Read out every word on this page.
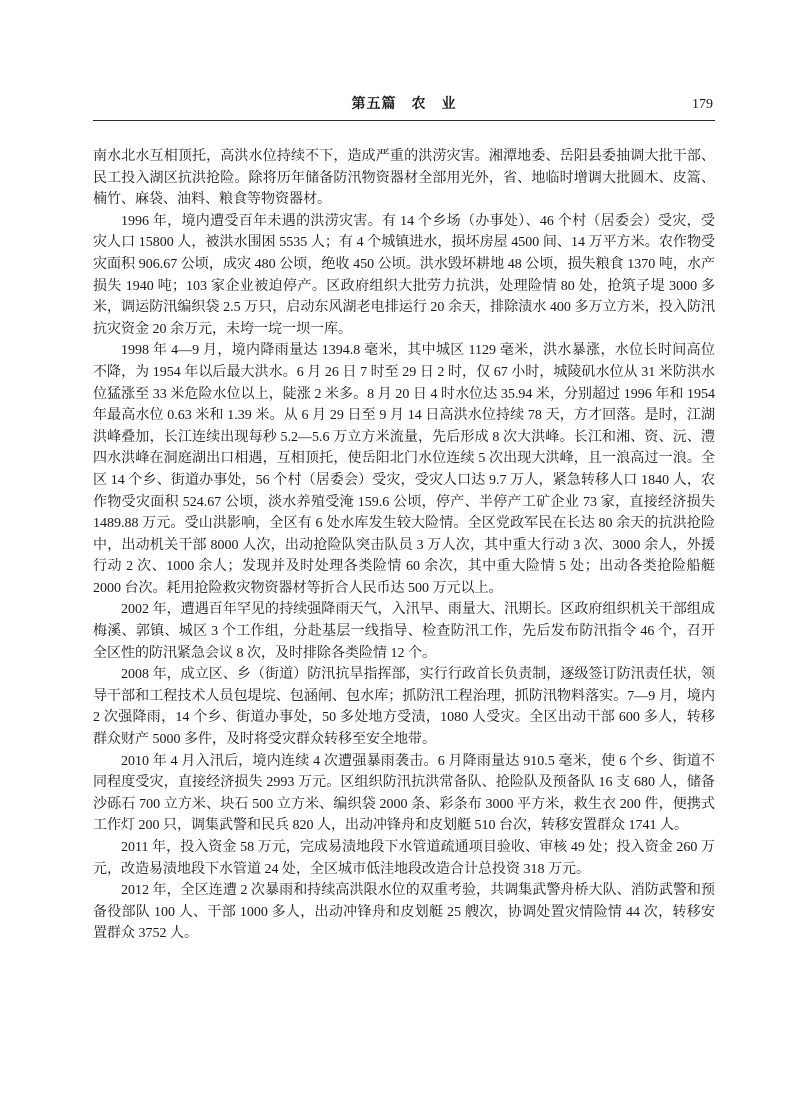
第五篇　农　业	179

南水北水互相顶托，高洪水位持续不下，造成严重的洪涝灾害。湘潭地委、岳阳县委抽调大批干部、民工投入湖区抗洪抢险。除将历年储备防汛物资器材全部用光外，省、地临时增调大批圆木、皮篙、楠竹、麻袋、油料、粮食等物资器材。

1996 年，境内遭受百年未遇的洪涝灾害。有 14 个乡场（办事处）、46 个村（居委会）受灾，受灾人口 15800 人，被洪水围困 5535 人；有 4 个城镇进水，损坏房屋 4500 间、14 万平方米。农作物受灾面积 906.67 公顷，成灾 480 公顷，绝收 450 公顷。洪水毁坏耕地 48 公顷，损失粮食 1370 吨，水产损失 1940 吨；103 家企业被迫停产。区政府组织大批劳力抗洪，处理险情 80 处，抢筑子堤 3000 多米，调运防汛编织袋 2.5 万只，启动东风湖老电排运行 20 余天，排除渍水 400 多万立方米，投入防汛抗灾资金 20 余万元，未垮一垸一坝一库。

1998 年 4—9 月，境内降雨量达 1394.8 毫米，其中城区 1129 毫米，洪水暴涨，水位长时间高位不降，为 1954 年以后最大洪水。6 月 26 日 7 时至 29 日 2 时，仅 67 小时，城陵矶水位从 31 米防洪水位猛涨至 33 米危险水位以上，陡涨 2 米多。8 月 20 日 4 时水位达 35.94 米，分别超过 1996 年和 1954 年最高水位 0.63 米和 1.39 米。从 6 月 29 日至 9 月 14 日高洪水位持续 78 天，方才回落。是时，江湖洪峰叠加，长江连续出现每秒 5.2—5.6 万立方米流量，先后形成 8 次大洪峰。长江和湘、资、沅、澧四水洪峰在洞庭湖出口相遇，互相顶托，使岳阳北门水位连续 5 次出现大洪峰，且一浪高过一浪。全区 14 个乡、街道办事处，56 个村（居委会）受灾，受灾人口达 9.7 万人，紧急转移人口 1840 人，农作物受灾面积 524.67 公顷，淡水养殖受淹 159.6 公顷，停产、半停产工矿企业 73 家，直接经济损失 1489.88 万元。受山洪影响，全区有 6 处水库发生较大险情。全区党政军民在长达 80 余天的抗洪抢险中，出动机关干部 8000 人次，出动抢险队突击队员 3 万人次，其中重大行动 3 次、3000 余人，外援行动 2 次、1000 余人；发现并及时处理各类险情 60 余次，其中重大险情 5 处；出动各类抢险船艇 2000 台次。耗用抢险救灾物资器材等折合人民币达 500 万元以上。

2002 年，遭遇百年罕见的持续强降雨天气，入汛早、雨量大、汛期长。区政府组织机关干部组成梅溪、郭镇、城区 3 个工作组，分赴基层一线指导、检查防汛工作，先后发布防汛指令 46 个，召开全区性的防汛紧急会议 8 次，及时排除各类险情 12 个。

2008 年，成立区、乡（街道）防汛抗旱指挥部，实行行政首长负责制，逐级签订防汛责任状，领导干部和工程技术人员包堤垸、包涵闸、包水库；抓防汛工程治理，抓防汛物料落实。7—9 月，境内 2 次强降雨，14 个乡、街道办事处，50 多处地方受渍，1080 人受灾。全区出动干部 600 多人，转移群众财产 5000 多件，及时将受灾群众转移至安全地带。

2010 年 4 月入汛后，境内连续 4 次遭强暴雨袭击。6 月降雨量达 910.5 毫米，使 6 个乡、街道不同程度受灾，直接经济损失 2993 万元。区组织防汛抗洪常备队、抢险队及预备队 16 支 680 人，储备沙砾石 700 立方米、块石 500 立方米、编织袋 2000 条、彩条布 3000 平方米，救生衣 200 件，便携式工作灯 200 只，调集武警和民兵 820 人，出动冲锋舟和皮划艇 510 台次，转移安置群众 1741 人。

2011 年，投入资金 58 万元，完成易渍地段下水管道疏通项目验收、审核 49 处；投入资金 260 万元，改造易渍地段下水管道 24 处，全区城市低洼地段改造合计总投资 318 万元。

2012 年，全区连遭 2 次暴雨和持续高洪限水位的双重考验，共调集武警舟桥大队、消防武警和预备役部队 100 人、干部 1000 多人，出动冲锋舟和皮划艇 25 艘次，协调处置灾情险情 44 次，转移安置群众 3752 人。
